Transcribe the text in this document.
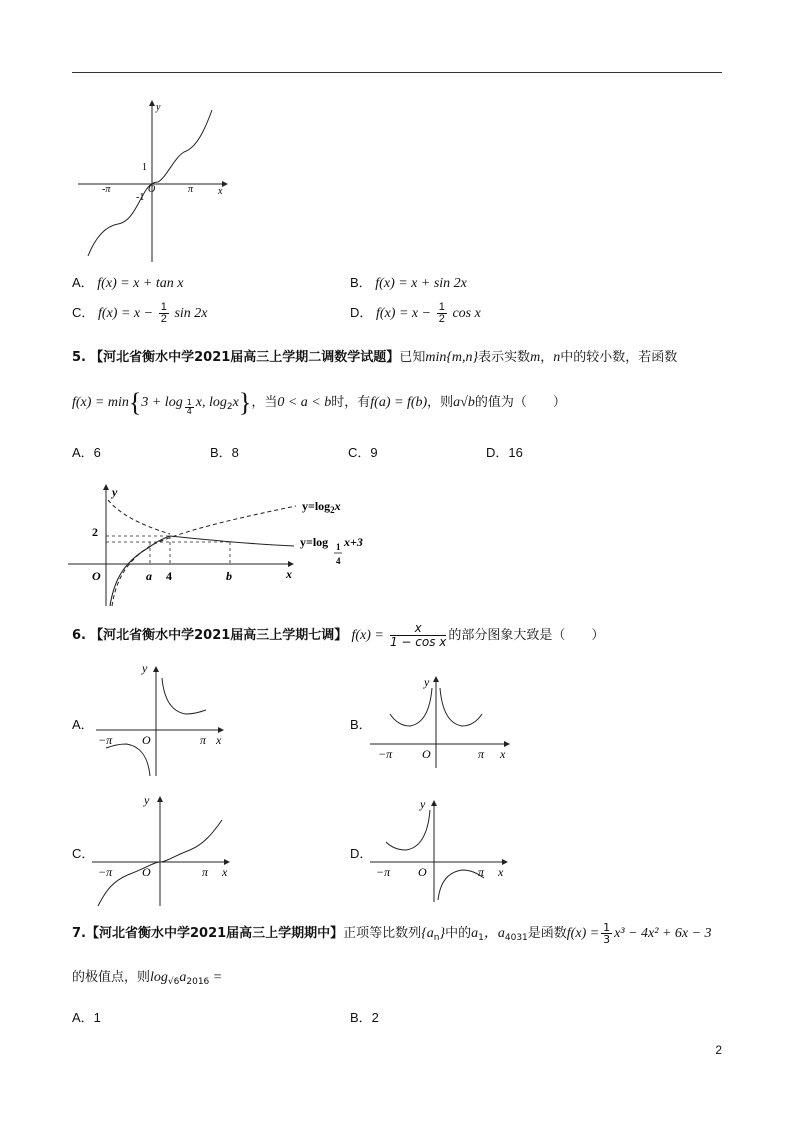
y
x
1
-1
O
-π	π
A． f(x) = x + tan x	B． f(x) = x + sin 2x
C． $f(x) = x - \frac{1}{2}$ sin 2x	D． $f(x) = x - \frac{1}{2}$ cos x
5. 【河北省衡水中学2021届高三上学期二调数学试题】已知min{m,n}表示实数m，n中的较小数，若函数
$f(x) = \min\{3 + \log \frac{1}{4} x$, $\log_2x$}，当0 < a < b时，有f(a) = f(b)，则a√b的值为（　　）
A．6	B．8	C．9	D．16
y
x
2
O	a 4	b
$y=\log_2x$
y=log 1
4
x+3
6. 【河北省衡水中学2021届高三上学期七调】 $f(x) = \frac{x}{\text{1 − cos x}}$ 的部分图象大致是（　　）
A．
y
x
O
−π	π
B．
y
x
O
−π	π
C．
y
x
O
−π	π
D．
y
x
O
−π	π
7.【河北省衡水中学2021届高三上学期期中】正项等比数列$\{a_n\}$中的$a_1$，$a_{4031}$是函数$f(x) = \frac{1}{3} x^3 - 4x^2 + 6x - 3$
的极值点，则$\log_{√6}a_{2016}$ =
A．1	B．2
2
